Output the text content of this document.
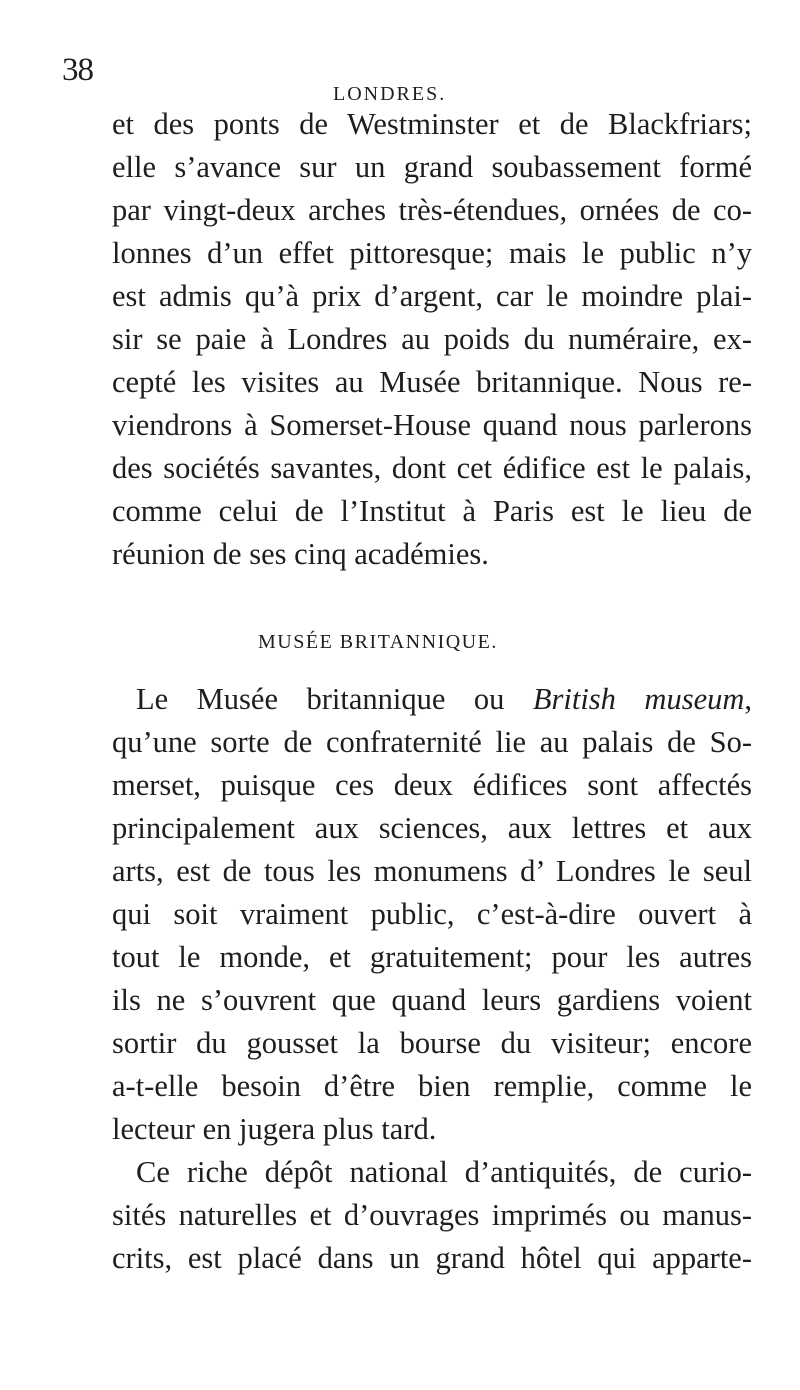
38
LONDRES.
et des ponts de Westminster et de Blackfriars;
elle s’avance sur un grand soubassement formé
par vingt-deux arches très-étendues, ornées de co-
lonnes d’un effet pittoresque; mais le public n’y
est admis qu’à prix d’argent, car le moindre plai-
sir se paie à Londres au poids du numéraire, ex-
cepté les visites au Musée britannique. Nous re-
viendrons à Somerset-House quand nous parlerons
des sociétés savantes, dont cet édifice est le palais,
comme celui de l’Institut à Paris est le lieu de
réunion de ses cinq académies.
MUSÉE BRITANNIQUE.
Le Musée britannique ou British museum,
qu’une sorte de confraternité lie au palais de So-
merset, puisque ces deux édifices sont affectés
principalement aux sciences, aux lettres et aux
arts, est de tous les monumens d’ Londres le seul
qui soit vraiment public, c’est-à-dire ouvert à
tout le monde, et gratuitement; pour les autres
ils ne s’ouvrent que quand leurs gardiens voient
sortir du gousset la bourse du visiteur; encore
a-t-elle besoin d’être bien remplie, comme le
lecteur en jugera plus tard.
Ce riche dépôt national d’antiquités, de curio-
sités naturelles et d’ouvrages imprimés ou manus-
crits, est placé dans un grand hôtel qui apparte-
